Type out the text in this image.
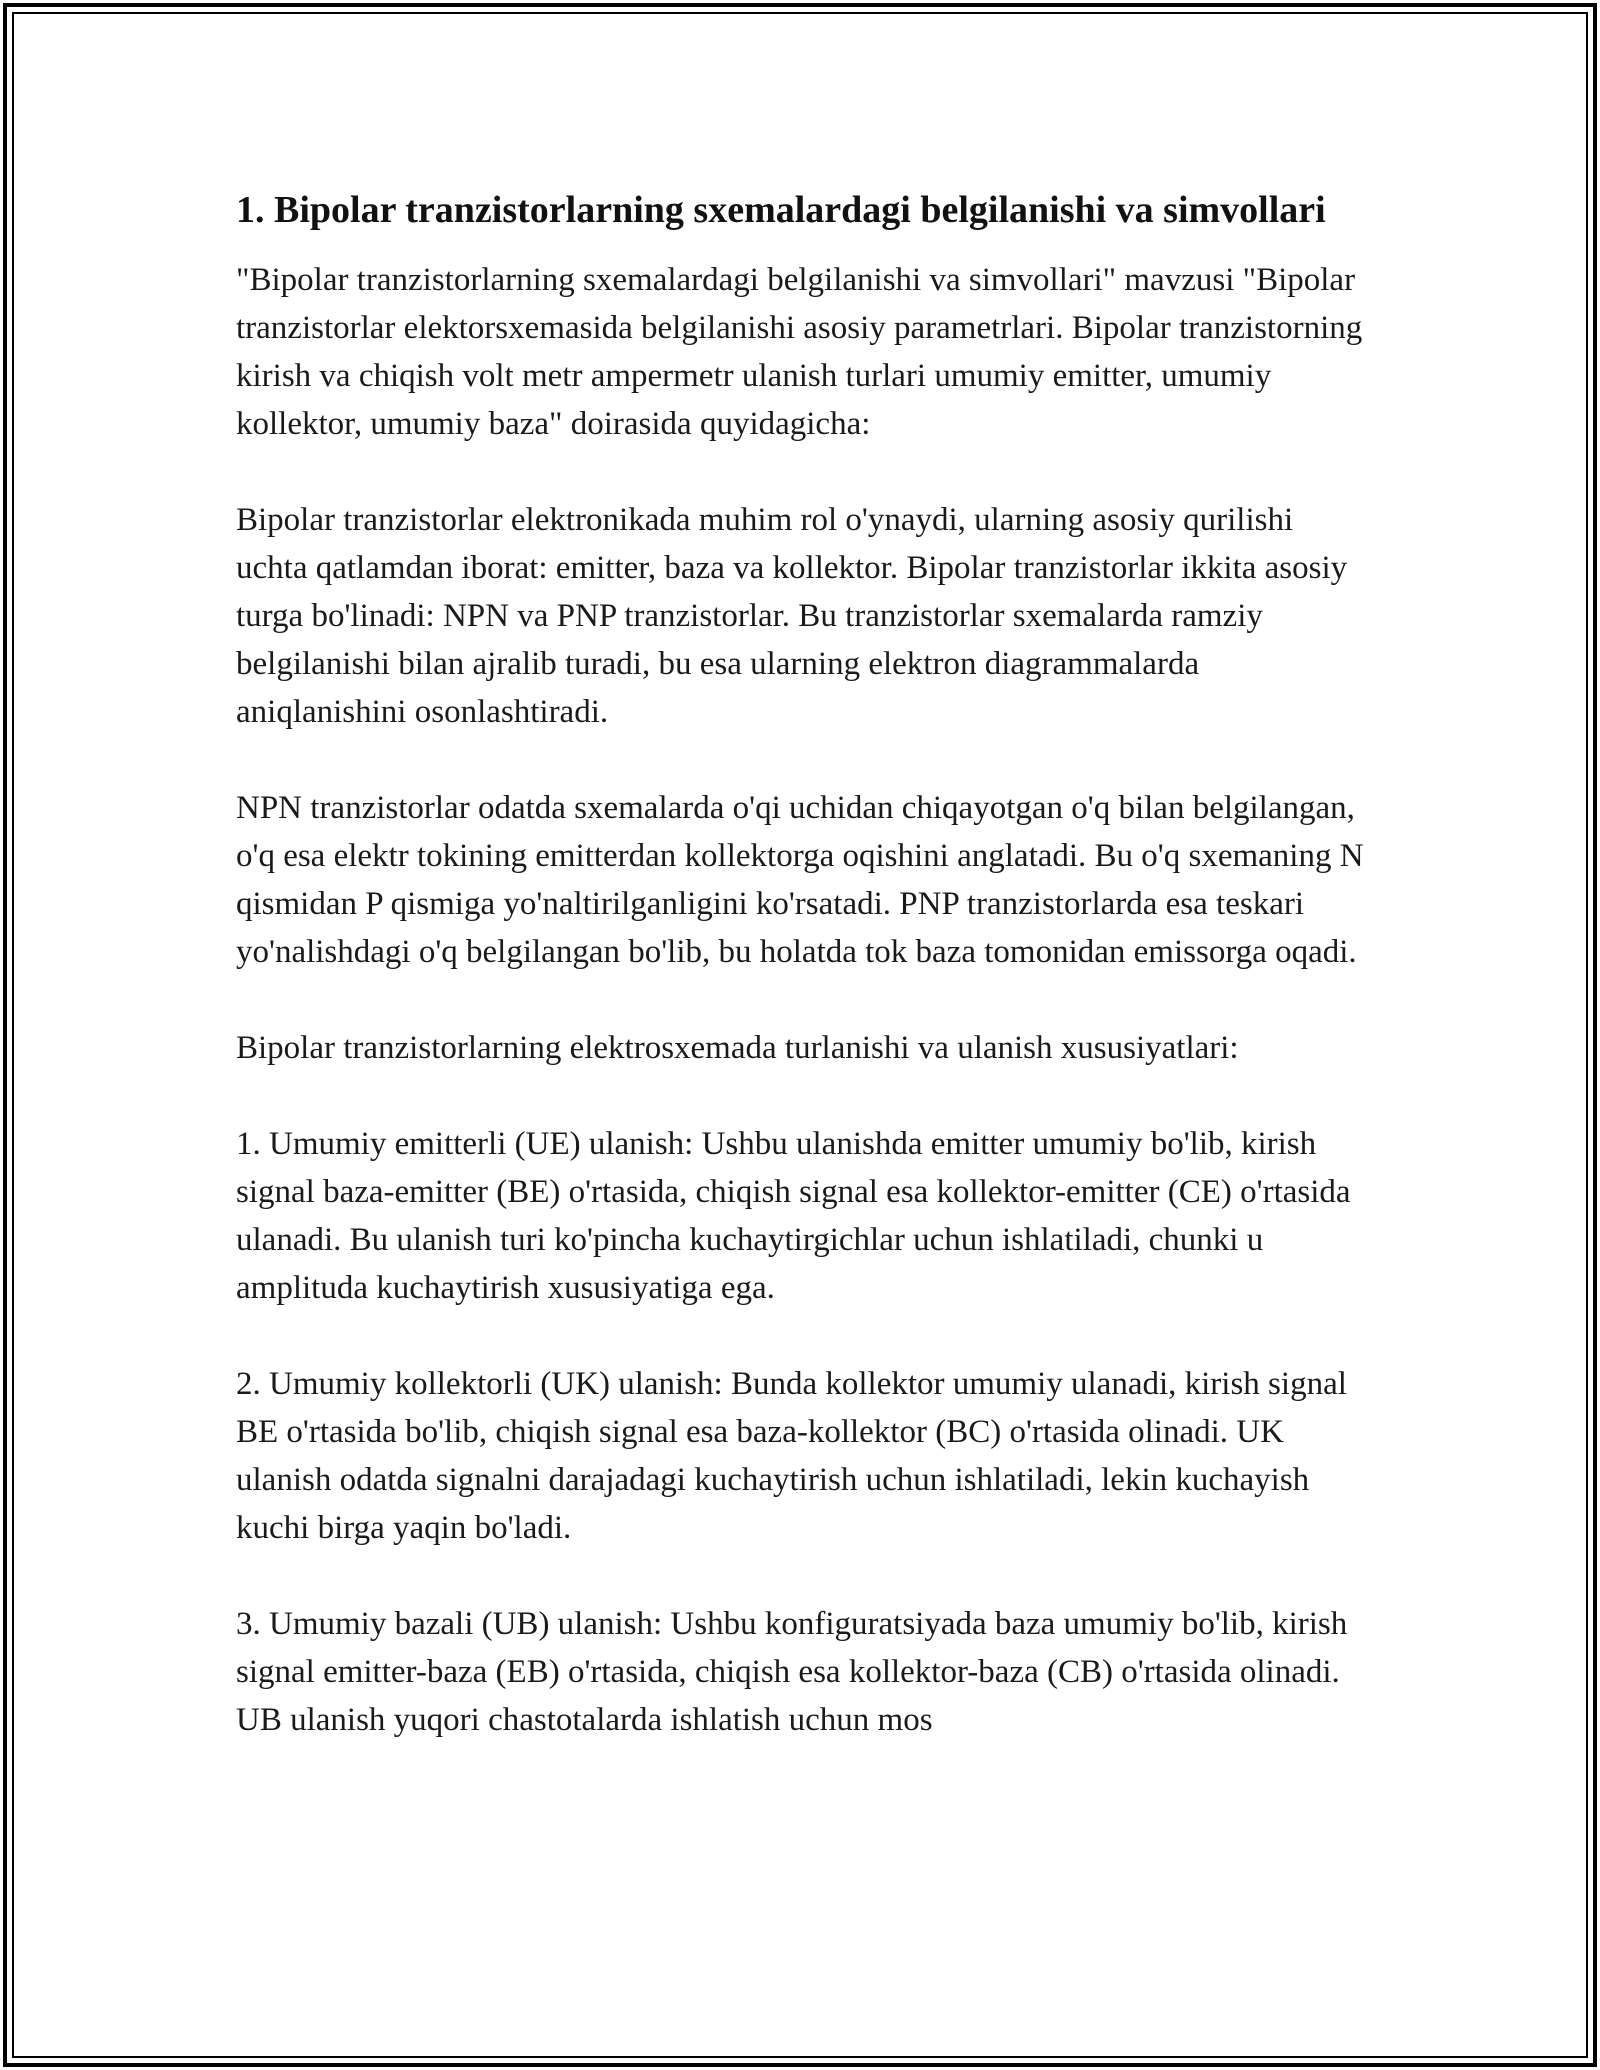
1. Bipolar tranzistorlarning sxemalardagi belgilanishi va simvollari

"Bipolar tranzistorlarning sxemalardagi belgilanishi va simvollari" mavzusi "Bipolar tranzistorlar elektorsxemasida belgilanishi asosiy parametrlari. Bipolar tranzistorning kirish va chiqish volt metr ampermetr ulanish turlari umumiy emitter, umumiy kollektor, umumiy baza" doirasida quyidagicha:

Bipolar tranzistorlar elektronikada muhim rol o'ynaydi, ularning asosiy qurilishi uchta qatlamdan iborat: emitter, baza va kollektor. Bipolar tranzistorlar ikkita asosiy turga bo'linadi: NPN va PNP tranzistorlar. Bu tranzistorlar sxemalarda ramziy belgilanishi bilan ajralib turadi, bu esa ularning elektron diagrammalarda aniqlanishini osonlashtiradi.

NPN tranzistorlar odatda sxemalarda o'qi uchidan chiqayotgan o'q bilan belgilangan, o'q esa elektr tokining emitterdan kollektorga oqishini anglatadi. Bu o'q sxemaning N qismidan P qismiga yo'naltirilganligini ko'rsatadi. PNP tranzistorlarda esa teskari yo'nalishdagi o'q belgilangan bo'lib, bu holatda tok baza tomonidan emissorga oqadi.

Bipolar tranzistorlarning elektrosxemada turlanishi va ulanish xususiyatlari:

1. Umumiy emitterli (UE) ulanish: Ushbu ulanishda emitter umumiy bo'lib, kirish signal baza-emitter (BE) o'rtasida, chiqish signal esa kollektor-emitter (CE) o'rtasida ulanadi. Bu ulanish turi ko'pincha kuchaytirgichlar uchun ishlatiladi, chunki u amplituda kuchaytirish xususiyatiga ega.

2. Umumiy kollektorli (UK) ulanish: Bunda kollektor umumiy ulanadi, kirish signal BE o'rtasida bo'lib, chiqish signal esa baza-kollektor (BC) o'rtasida olinadi. UK ulanish odatda signalni darajadagi kuchaytirish uchun ishlatiladi, lekin kuchayish kuchi birga yaqin bo'ladi.

3. Umumiy bazali (UB) ulanish: Ushbu konfiguratsiyada baza umumiy bo'lib, kirish signal emitter-baza (EB) o'rtasida, chiqish esa kollektor-baza (CB) o'rtasida olinadi. UB ulanish yuqori chastotalarda ishlatish uchun mos
